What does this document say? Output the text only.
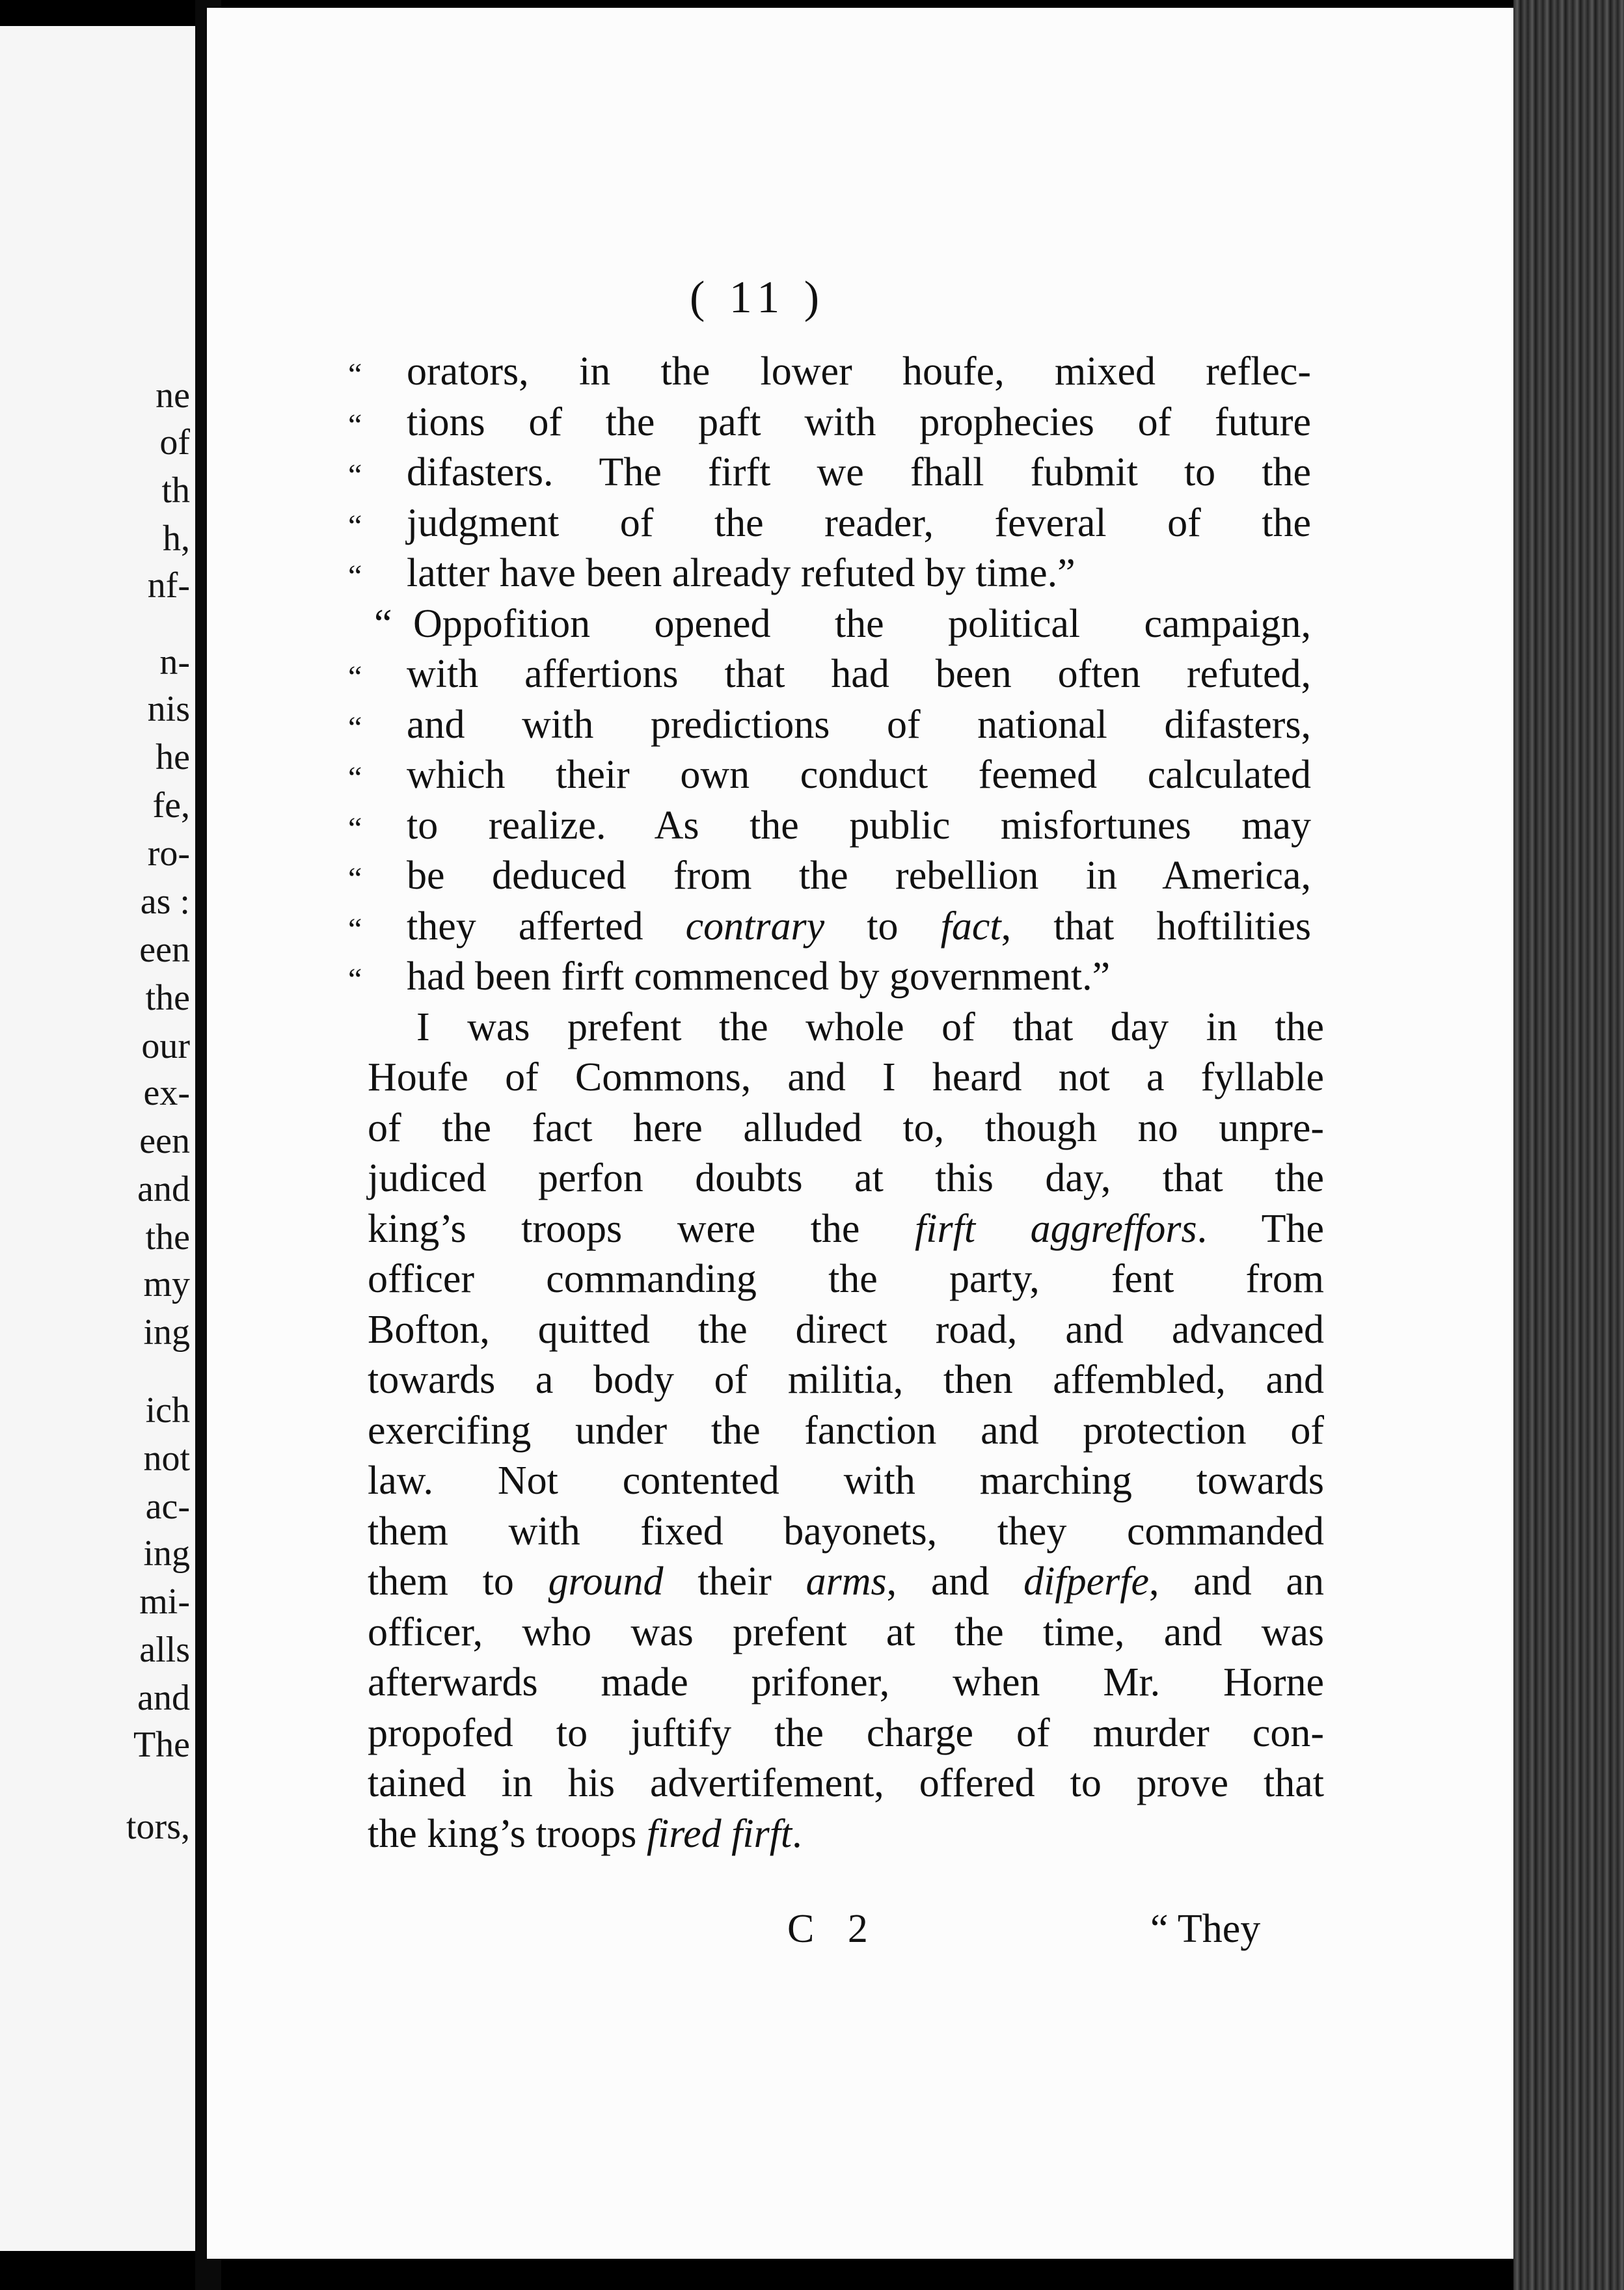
ne
of
th
h,
nf-
n-
nis
he
fe,
ro-
as :
een
the
our
ex-
een
and
the
my
ing
ich
not
ac-
ing
mi-
alls
and
The
tors,
( 11 )
“ orators, in the lower houfe, mixed reflec-
“ tions of the paft with prophecies of future
“ difasters. The firft we fhall fubmit to the
“ judgment of the reader, feveral of the
“ latter have been already refuted by time.”
“ Oppofition opened the political campaign,
“ with affertions that had been often refuted,
“ and with predictions of national difasters,
“ which their own conduct feemed calculated
“ to realize. As the public misfortunes may
“ be deduced from the rebellion in America,
“ they afferted contrary to fact, that hoftilities
“ had been firft commenced by government.”
I was prefent the whole of that day in the
Houfe of Commons, and I heard not a fyllable
of the fact here alluded to, though no unpre-
judiced perfon doubts at this day, that the
king’s troops were the firft aggreffors. The
officer commanding the party, fent from
Bofton, quitted the direct road, and advanced
towards a body of militia, then affembled, and
exercifing under the fanction and protection of
law. Not contented with marching towards
them with fixed bayonets, they commanded
them to ground their arms, and difperfe, and an
officer, who was prefent at the time, and was
afterwards made prifoner, when Mr. Horne
propofed to juftify the charge of murder con-
tained in his advertifement, offered to prove that
the king’s troops fired firft.
C 2	“ They
